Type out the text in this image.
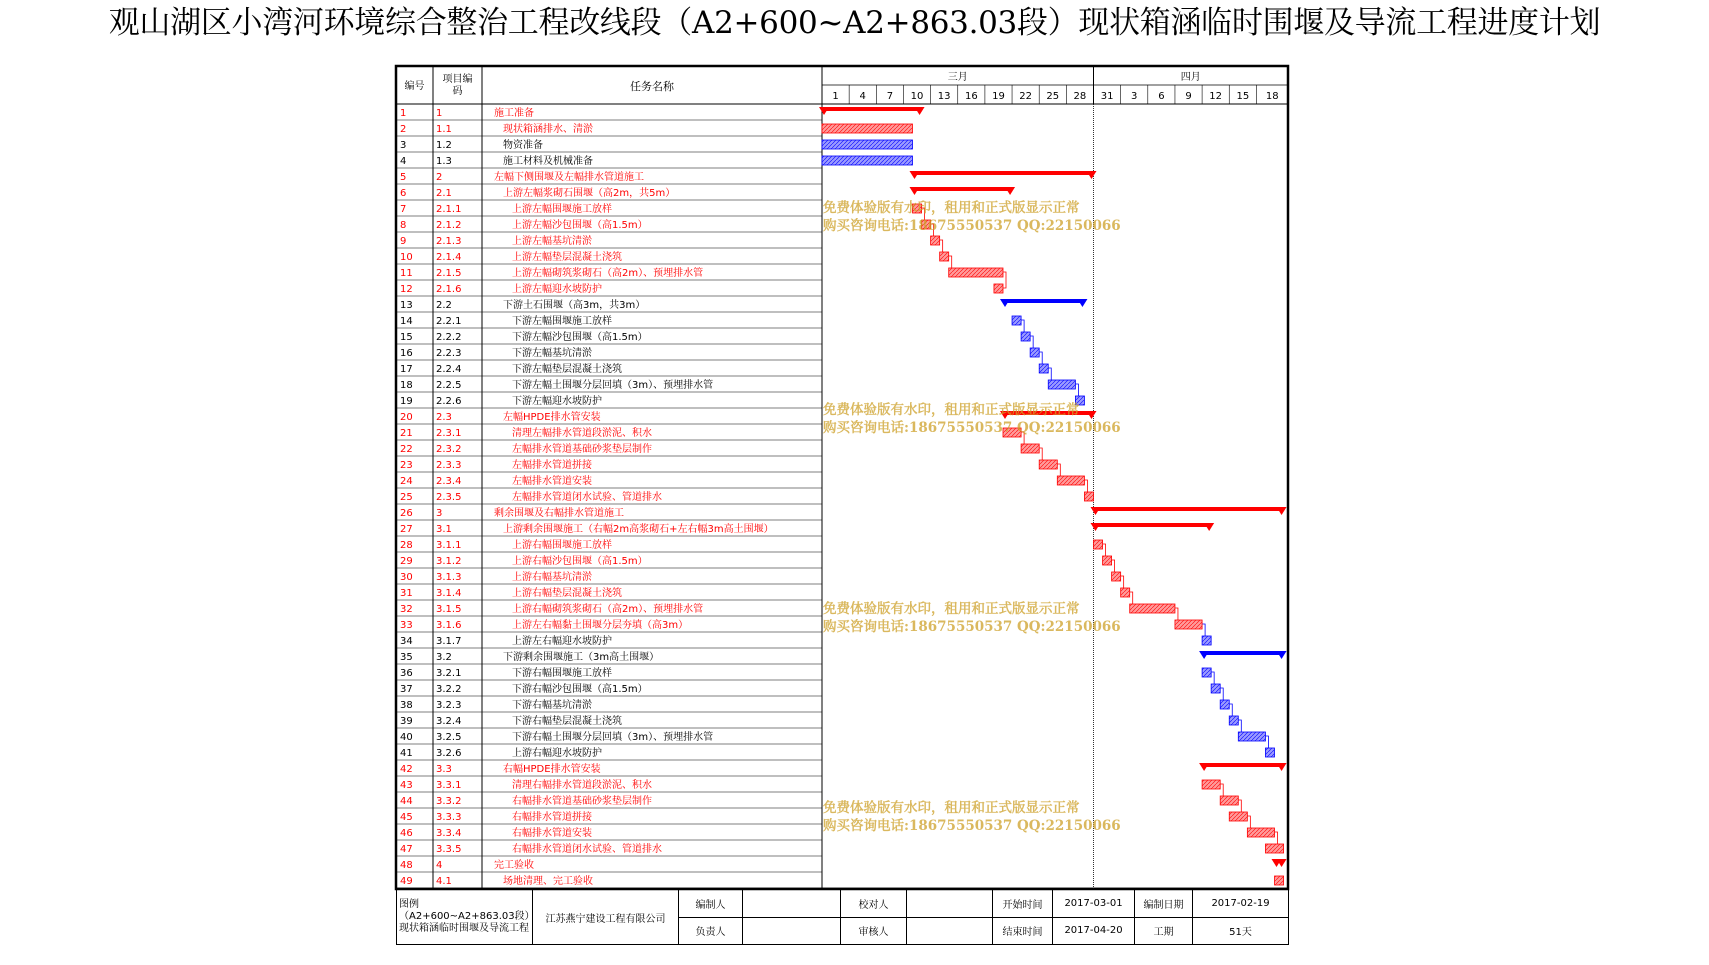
观山湖区小湾河环境综合整治工程改线段（A2+600~A2+863.03段）现状箱涵临时围堰及导流工程进度计划
编号
项目编
码	任务名称
三月	四月
1 4 7 10 13 16 19 22 25 28 31 3 6 9 12 15 18
1	1	施工准备
2	1.1	现状箱涵排水、清淤
3	1.2	物资准备
4	1.3	施工材料及机械准备
5	2	左幅下侧围堰及左幅排水管道施工
6	2.1	上游左幅浆砌石围堰（高2m，共5m）
7	2.1.1	上游左幅围堰施工放样
8	2.1.2	上游左幅沙包围堰（高1.5m）
9	2.1.3	上游左幅基坑清淤
10 2.1.4	上游左幅垫层混凝土浇筑
11 2.1.5	上游左幅砌筑浆砌石（高2m）、预埋排水管
12 2.1.6	上游左幅迎水坡防护
13 2.2	下游土石围堰（高3m，共3m）
14 2.2.1	下游左幅围堰施工放样
15 2.2.2	下游左幅沙包围堰（高1.5m）
16 2.2.3	下游左幅基坑清淤
17 2.2.4	下游左幅垫层混凝土浇筑
18 2.2.5	下游左幅土围堰分层回填（3m）、预埋排水管
19 2.2.6	下游左幅迎水坡防护
20 2.3	左幅HPDE排水管安装
21 2.3.1	清理左幅排水管道段淤泥、积水
22 2.3.2	左幅排水管道基础砂浆垫层制作
23 2.3.3	左幅排水管道拼接
24 2.3.4	左幅排水管道安装
25 2.3.5	左幅排水管道闭水试验、管道排水
26 3	剩余围堰及右幅排水管道施工
27 3.1	上游剩余围堰施工（右幅2m高浆砌石+左右幅3m高土围堰）
28 3.1.1	上游右幅围堰施工放样
29 3.1.2	上游右幅沙包围堰（高1.5m）
30 3.1.3	上游右幅基坑清淤
31 3.1.4	上游右幅垫层混凝土浇筑
32 3.1.5	上游右幅砌筑浆砌石（高2m）、预埋排水管
33 3.1.6	上游左右幅黏土围堰分层夯填（高3m）
34 3.1.7	上游左右幅迎水坡防护
35 3.2	下游剩余围堰施工（3m高土围堰）
36 3.2.1	下游右幅围堰施工放样
37 3.2.2	下游右幅沙包围堰（高1.5m）
38 3.2.3	下游右幅基坑清淤
39 3.2.4	下游右幅垫层混凝土浇筑
40 3.2.5	下游右幅土围堰分层回填（3m）、预埋排水管
41 3.2.6	上游右幅迎水坡防护
42 3.3	右幅HPDE排水管安装
43 3.3.1	清理右幅排水管道段淤泥、积水
44 3.3.2	右幅排水管道基础砂浆垫层制作
45 3.3.3	右幅排水管道拼接
46 3.3.4	右幅排水管道安装
47 3.3.5	右幅排水管道闭水试验、管道排水
48 4	完工验收
49 4.1	场地清理、完工验收
免费体验版有水印，租用和正式版显示正常
购买咨询电话:18675550537 QQ:22150066
免费体验版有水印，租用和正式版显示正常
购买咨询电话:18675550537 QQ:22150066
免费体验版有水印，租用和正式版显示正常
购买咨询电话:18675550537 QQ:22150066
免费体验版有水印，租用和正式版显示正常
购买咨询电话:18675550537 QQ:22150066
图例
（A2+600~A2+863.03段）现状箱涵临时围堰及导流工程	江苏燕宁建设工程有限公司	编制人		校对人		开始时间	2017-03-01	编制日期	2017-02-19
		负责人		审核人		结束时间	2017-04-20	工期	51天
